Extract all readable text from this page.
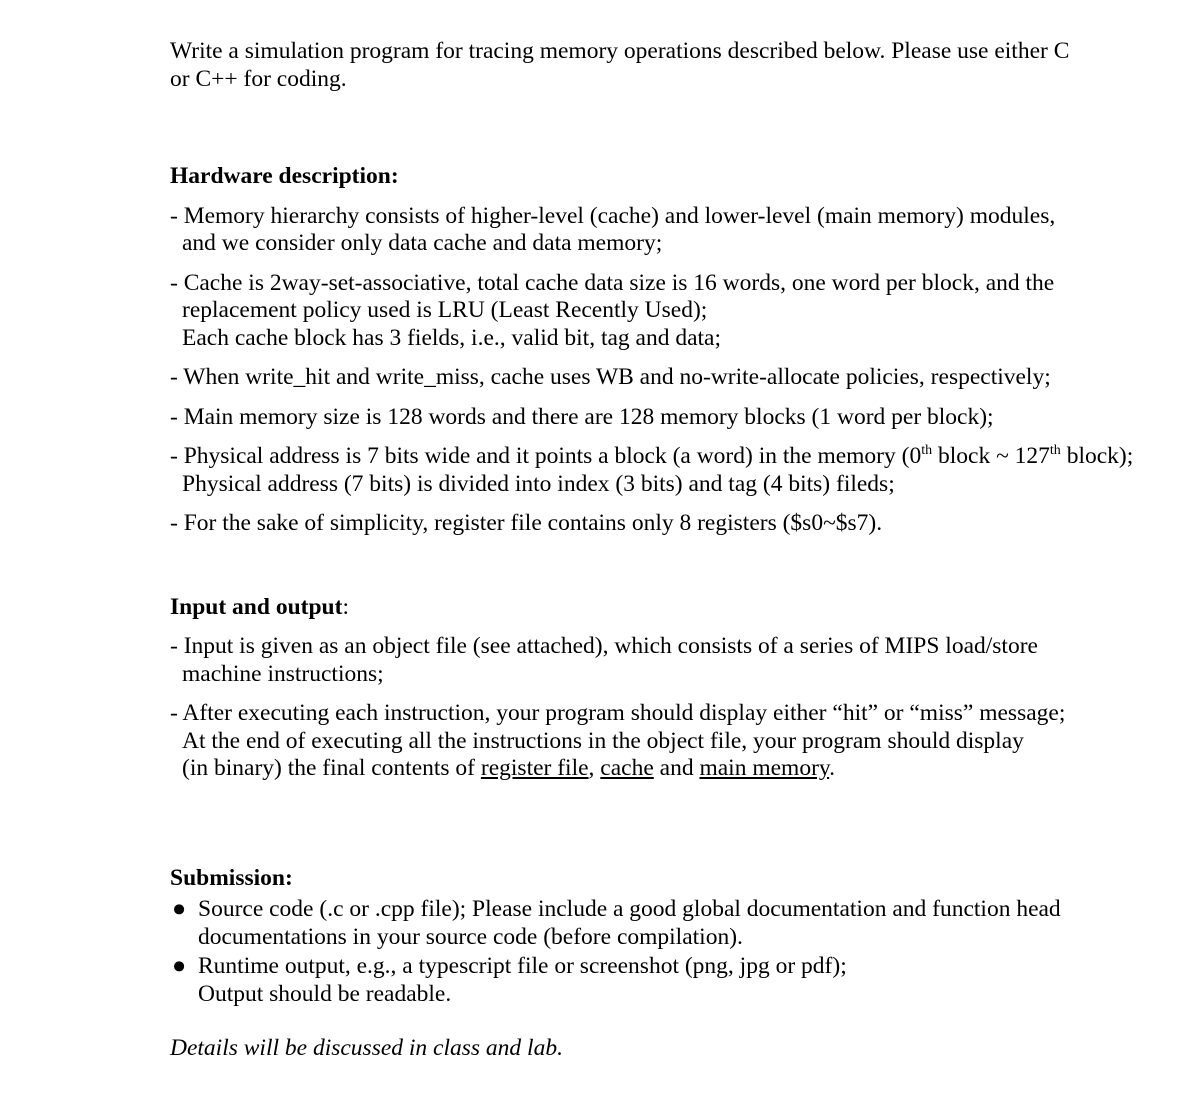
Write a simulation program for tracing memory operations described below. Please use either C
or C++ for coding.

Hardware description:
- Memory hierarchy consists of higher-level (cache) and lower-level (main memory) modules,
and we consider only data cache and data memory;
- Cache is 2way-set-associative, total cache data size is 16 words, one word per block, and the
replacement policy used is LRU (Least Recently Used);
Each cache block has 3 fields, i.e., valid bit, tag and data;
- When write_hit and write_miss, cache uses WB and no-write-allocate policies, respectively;
- Main memory size is 128 words and there are 128 memory blocks (1 word per block);
- Physical address is 7 bits wide and it points a block (a word) in the memory (0th block ~ 127th block);
Physical address (7 bits) is divided into index (3 bits) and tag (4 bits) fileds;
- For the sake of simplicity, register file contains only 8 registers ($s0~$s7).
Input and output:
- Input is given as an object file (see attached), which consists of a series of MIPS load/store
machine instructions;
- After executing each instruction, your program should display either “hit” or “miss” message;
At the end of executing all the instructions in the object file, your program should display
(in binary) the final contents of register file, cache and main memory.
Submission:
● Source code (.c or .cpp file); Please include a good global documentation and function head
documentations in your source code (before compilation).
● Runtime output, e.g., a typescript file or screenshot (png, jpg or pdf);
Output should be readable.

Details will be discussed in class and lab.
